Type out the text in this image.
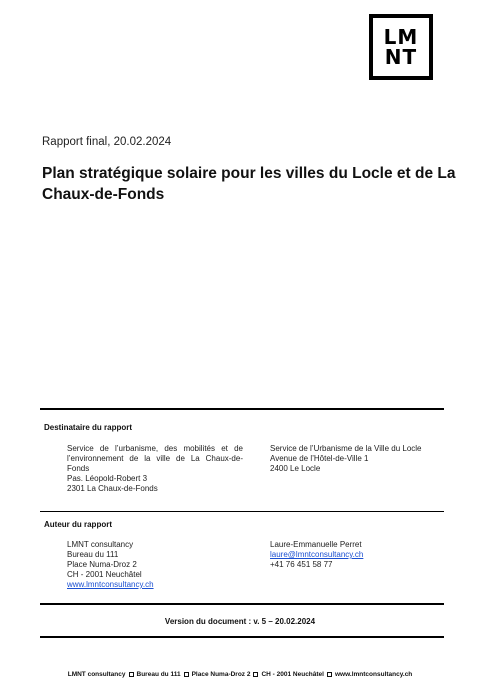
LM
NT
Rapport final, 20.02.2024
Plan stratégique solaire pour les villes du Locle et de La Chaux-de-Fonds
Destinataire du rapport
Service de l’urbanisme, des mobilités et de l’environnement de la ville de La Chaux-de-Fonds
Pas. Léopold-Robert 3
2301 La Chaux-de-Fonds
Service de l’Urbanisme de la Ville du Locle
Avenue de l’Hôtel-de-Ville 1
2400 Le Locle
Auteur du rapport
LMNT consultancy
Bureau du 111
Place Numa-Droz 2
CH - 2001 Neuchâtel
www.lmntconsultancy.ch
Laure-Emmanuelle Perret
laure@lmntconsultancy.ch
+41 76 451 58 77
Version du document : v. 5 – 20.02.2024
LMNT consultancy Bureau du 111 Place Numa-Droz 2 CH - 2001 Neuchâtel www.lmntconsultancy.ch
